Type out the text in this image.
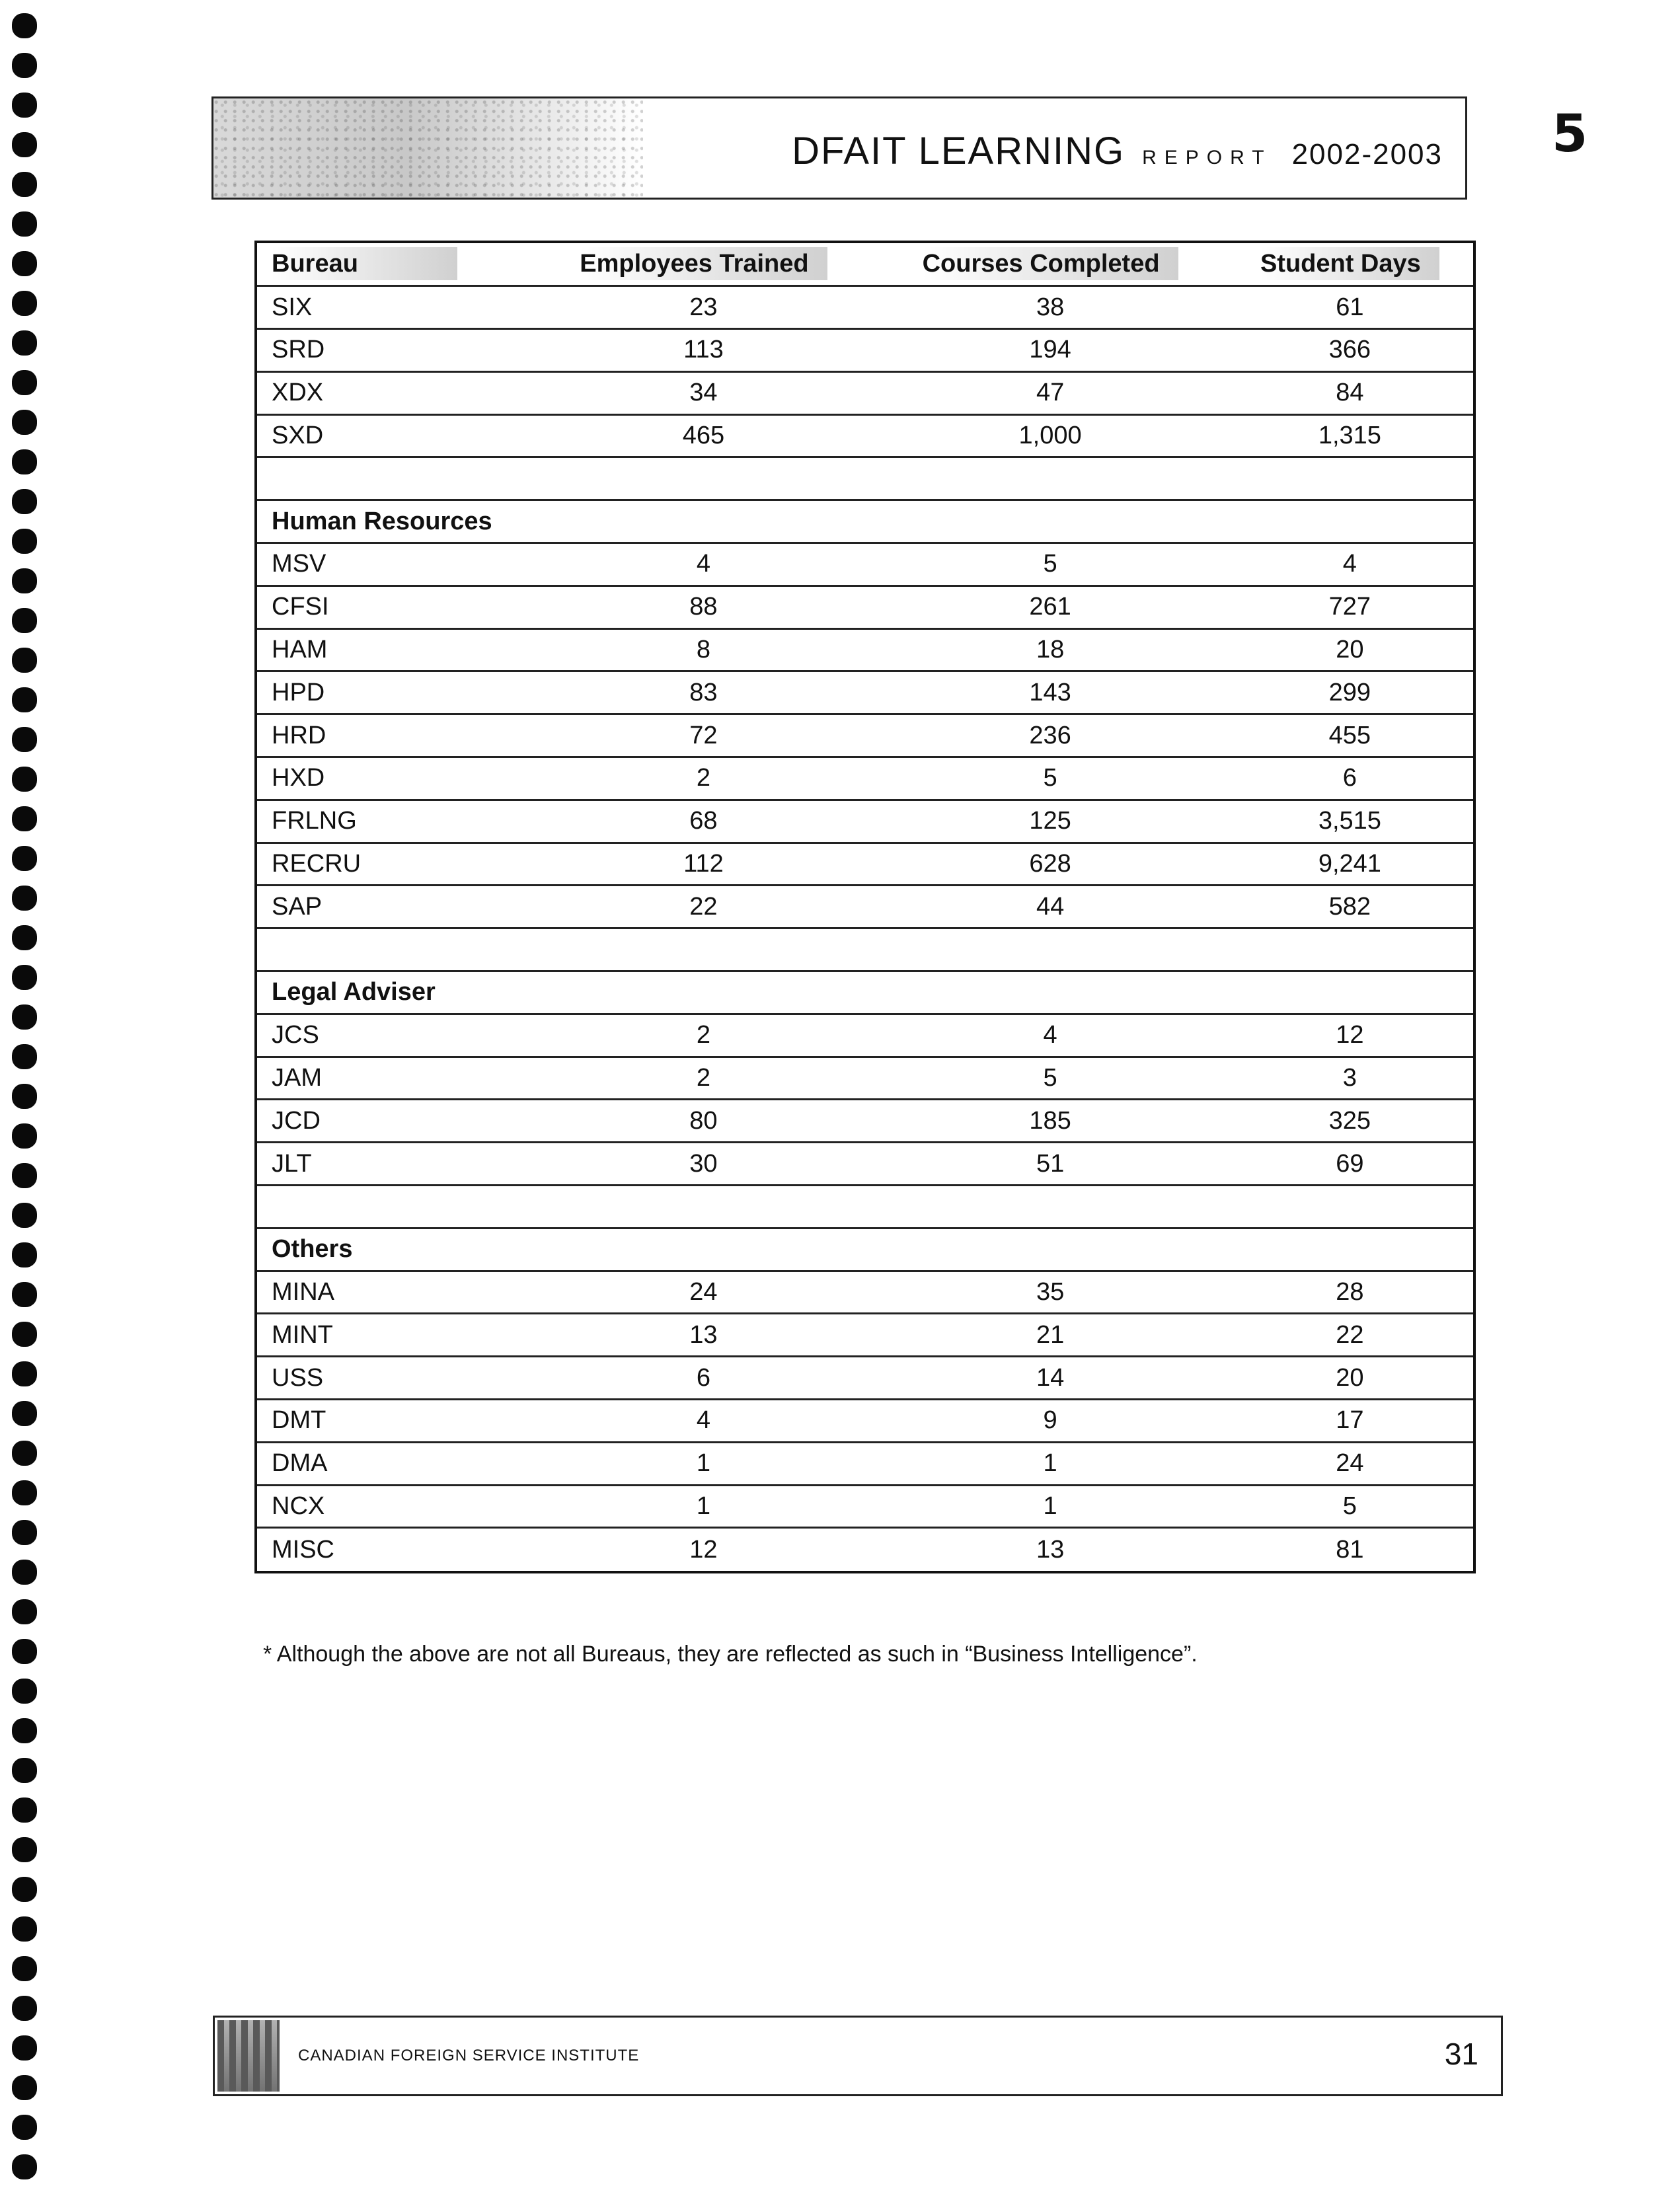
DFAIT LEARNING REPORT 2002-2003 5
Bureau	Employees Trained	Courses Completed	Student Days
SIX	23	38	61
SRD	113	194	366
XDX	34	47	84
SXD	465	1,000	1,315

Human Resources			
MSV	4	5	4
CFSI	88	261	727
HAM	8	18	20
HPD	83	143	299
HRD	72	236	455
HXD	2	5	6
FRLNG	68	125	3,515
RECRU	112	628	9,241
SAP	22	44	582

Legal Adviser			
JCS	2	4	12
JAM	2	5	3
JCD	80	185	325
JLT	30	51	69

Others			
MINA	24	35	28
MINT	13	21	22
USS	6	14	20
DMT	4	9	17
DMA	1	1	24
NCX	1	1	5
MISC	12	13	81
* Although the above are not all Bureaus, they are reflected as such in “Business Intelligence”.
CANADIAN FOREIGN SERVICE INSTITUTE	31
